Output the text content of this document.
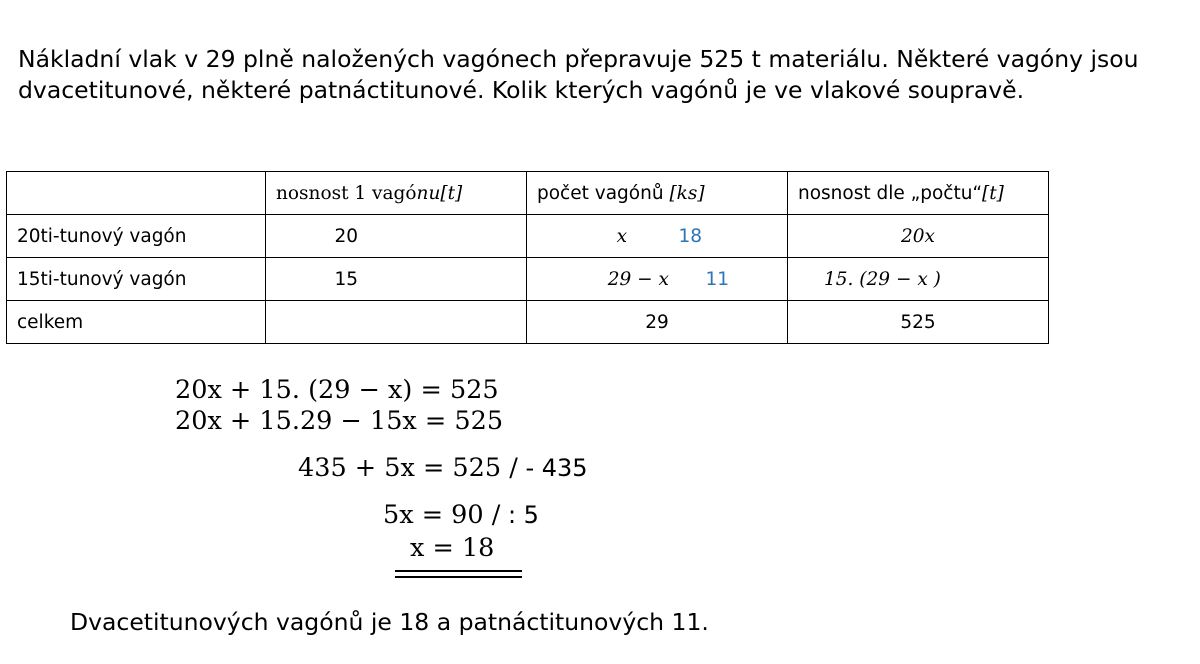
Nákladní vlak v 29 plně naložených vagónech přepravuje 525 t materiálu. Některé vagóny jsou
dvacetitunové, některé patnáctitunové. Kolik kterých vagónů je ve vlakové soupravě.

	nosnost 1 vagónu[t]	počet vagónů [ks]	nosnost dle „počtu“[t]
20ti-tunový vagón	20	x 18	20x
15ti-tunový vagón	15	29 − x 11	15. (29 − x )
celkem		29	525
20x + 15. (29 − x) = 525
20x + 15.29 − 15x = 525
435 + 5x = 525 / - 435
5x = 90 / : 5
x = 18
Dvacetitunových vagónů je 18 a patnáctitunových 11.
